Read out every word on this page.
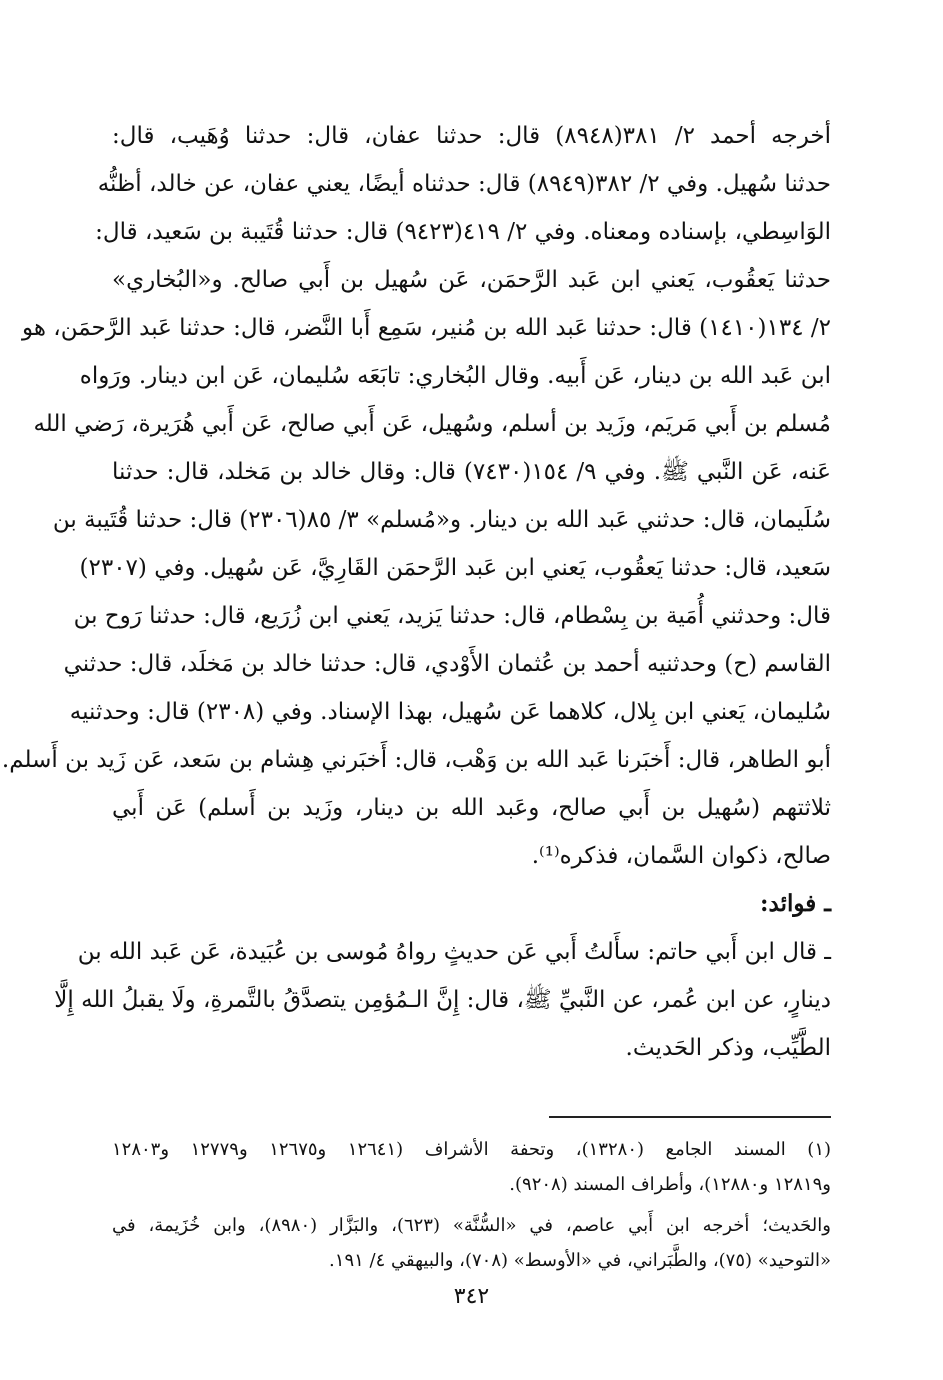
أخرجه أحمد ٢/ ٣٨١(٨٩٤٨) قال: حدثنا عفان، قال: حدثنا وُهَيب، قال:
حدثنا سُهيل. وفي ٢/ ٣٨٢(٨٩٤٩) قال: حدثناه أيضًا، يعني عفان، عن خالد، أظنُّه
الوَاسِطي، بإسناده ومعناه. وفي ٢/ ٤١٩(٩٤٢٣) قال: حدثنا قُتَيبة بن سَعيد، قال:
حدثنا يَعقُوب، يَعني ابن عَبد الرَّحمَن، عَن سُهيل بن أَبي صالح. و«البُخاري»
٢/ ١٣٤(١٤١٠) قال: حدثنا عَبد الله بن مُنير، سَمِع أَبا النَّضر، قال: حدثنا عَبد الرَّحمَن، هو
ابن عَبد الله بن دينار، عَن أَبيه. وقال البُخاري: تابَعَه سُليمان، عَن ابن دينار. ورَواه
مُسلم بن أَبي مَريَم، وزَيد بن أسلم، وسُهيل، عَن أَبي صالح، عَن أَبي هُرَيرة، رَضي الله
عَنه، عَن النَّبي ﷺ. وفي ٩/ ١٥٤(٧٤٣٠) قال: وقال خالد بن مَخلد، قال: حدثنا
سُلَيمان، قال: حدثني عَبد الله بن دينار. و«مُسلم» ٣/ ٨٥(٢٣٠٦) قال: حدثنا قُتَيبة بن
سَعيد، قال: حدثنا يَعقُوب، يَعني ابن عَبد الرَّحمَن القَارِيَّ، عَن سُهيل. وفي (٢٣٠٧)
قال: وحدثني أُمَية بن بِسْطام، قال: حدثنا يَزيد، يَعني ابن زُرَيع، قال: حدثنا رَوح بن
القاسم (ح) وحدثنيه أحمد بن عُثمان الأَوْدي، قال: حدثنا خالد بن مَخلَد، قال: حدثني
سُليمان، يَعني ابن بِلال، كلاهما عَن سُهيل، بهذا الإسناد. وفي (٢٣٠٨) قال: وحدثنيه
أبو الطاهر، قال: أَخبَرنا عَبد الله بن وَهْب، قال: أَخبَرني هِشام بن سَعد، عَن زَيد بن أَسلم.
ثلاثتهم (سُهيل بن أَبي صالح، وعَبد الله بن دينار، وزَيد بن أَسلم) عَن أَبي
صالح، ذكوان السَّمان، فذكره⁽¹⁾.
ـ فوائد:
ـ قال ابن أَبي حاتم: سأَلتُ أَبي عَن حديثٍ رواهُ مُوسى بن عُبَيدة، عَن عَبد الله بن
دينارٍ، عن ابن عُمر، عن النَّبيِّ ﷺ، قال: إِنَّ الـمُؤمِن يتصدَّقُ بالتَّمرةِ، ولَا يقبلُ الله إِلَّا
الطَّيِّب، وذكر الحَديث.
(١) المسند الجامع (١٣٢٨٠)، وتحفة الأشراف (١٢٦٤١ و١٢٦٧٥ و١٢٧٧٩ و١٢٨٠٣
و١٢٨١٩ و١٢٨٨٠)، وأطراف المسند (٩٢٠٨).
والحَديث؛ أخرجه ابن أَبي عاصم، في «السُّنَّة» (٦٢٣)، والبَزَّار (٨٩٨٠)، وابن خُزَيمة، في
«التوحيد» (٧٥)، والطَّبَراني، في «الأوسط» (٧٠٨)، والبيهقي ٤/ ١٩١.
٣٤٢
